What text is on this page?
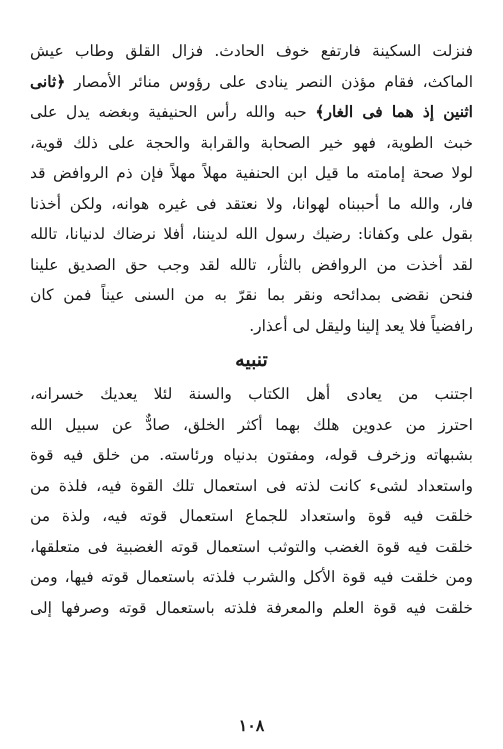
فنزلت السكينة فارتفع خوف الحادث. فزال القلق وطاب عيش
الماكث، فقام مؤذن النصر ينادى على رؤوس منائر الأمصار ﴿ثانى
اثنين إذ هما فى الغار﴾ حبه والله رأس الحنيفية وبغضه يدل على
خبث الطوية، فهو خير الصحابة والقرابة والحجة على ذلك قوية،
لولا صحة إمامته ما قيل ابن الحنفية مهلاً مهلاً فإن ذم الروافض قد
فار، والله ما أحببناه لهوانا، ولا نعتقد فى غيره هوانه، ولكن أخذنا
بقول على وكفانا: رضيك رسول الله لديننا، أفلا نرضاك لدنيانا، تالله
لقد أخذت من الروافض بالثأر، تالله لقد وجب حق الصديق علينا
فنحن نقضى بمدائحه ونقر بما نقرّ به من السنى عيناً فمن كان
رافضياً فلا يعد إلينا وليقل لى أعذار.
تنبيه
اجتنب من يعادى أهل الكتاب والسنة لئلا يعديك خسرانه،
احترز من عدوين هلك بهما أكثر الخلق، صادٌّ عن سبيل الله
بشبهاته وزخرف قوله، ومفتون بدنياه ورئاسته. من خلق فيه قوة
واستعداد لشىء كانت لذته فى استعمال تلك القوة فيه، فلذة من
خلقت فيه قوة واستعداد للجماع استعمال قوته فيه، ولذة من
خلقت فيه قوة الغضب والتوثب استعمال قوته الغضبية فى متعلقها،
ومن خلقت فيه قوة الأكل والشرب فلذته باستعمال قوته فيها، ومن
خلقت فيه قوة العلم والمعرفة فلذته باستعمال قوته وصرفها إلى
١٠٨
